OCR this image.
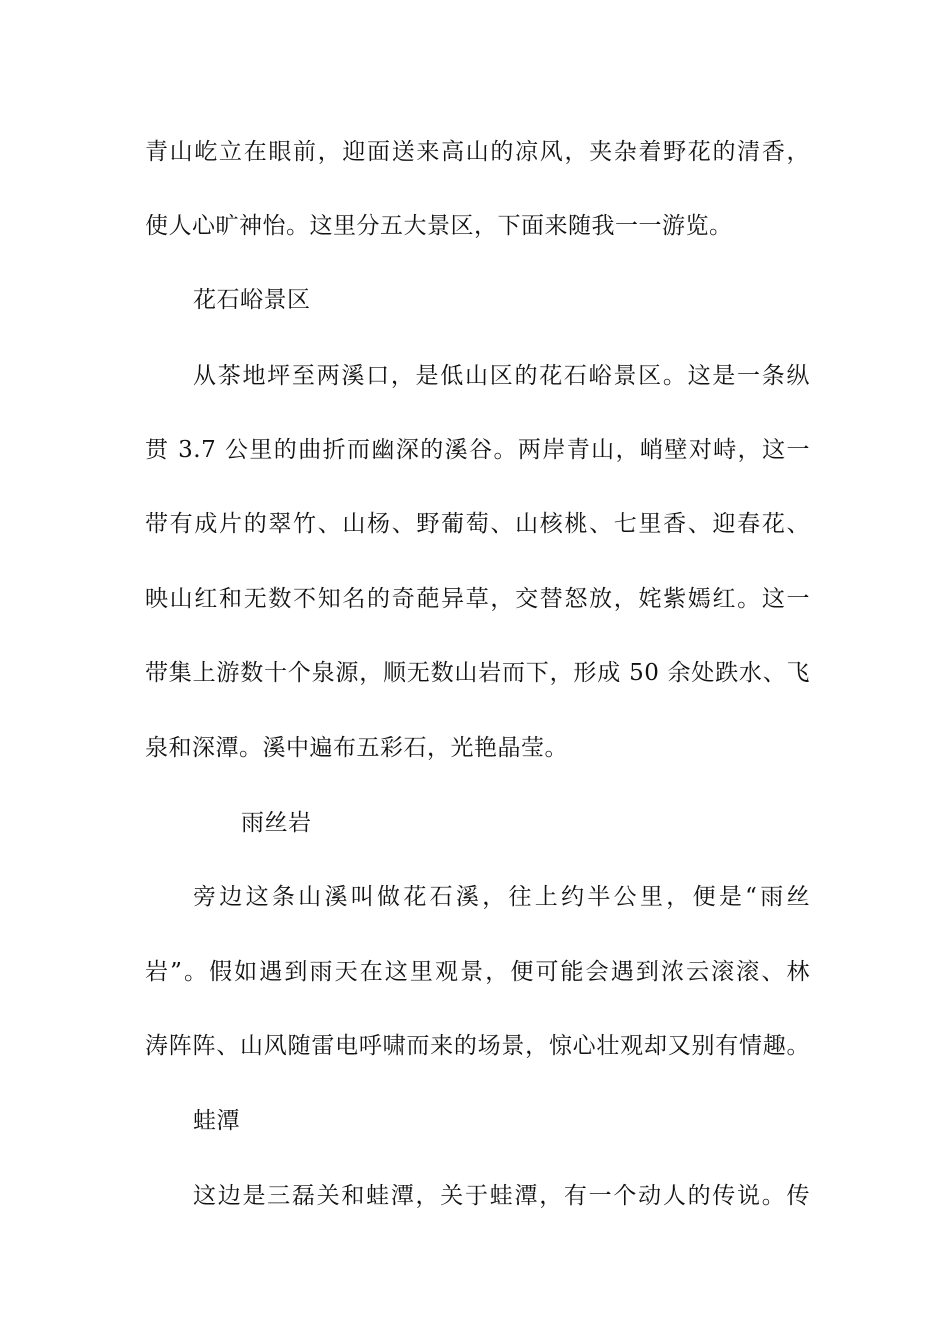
青山屹立在眼前，迎面送来高山的凉风，夹杂着野花的清香，
使人心旷神怡。这里分五大景区，下面来随我一一游览。
花石峪景区
从茶地坪至两溪口，是低山区的花石峪景区。这是一条纵
贯 3.7 公里的曲折而幽深的溪谷。两岸青山，峭壁对峙，这一
带有成片的翠竹、山杨、野葡萄、山核桃、七里香、迎春花、
映山红和无数不知名的奇葩异草，交替怒放，姹紫嫣红。这一
带集上游数十个泉源，顺无数山岩而下，形成 50 余处跌水、飞
泉和深潭。溪中遍布五彩石，光艳晶莹。
雨丝岩
旁边这条山溪叫做花石溪，往上约半公里，便是“雨丝
岩”。假如遇到雨天在这里观景，便可能会遇到浓云滚滚、林
涛阵阵、山风随雷电呼啸而来的场景，惊心壮观却又别有情趣。
蛙潭
这边是三磊关和蛙潭，关于蛙潭，有一个动人的传说。传
